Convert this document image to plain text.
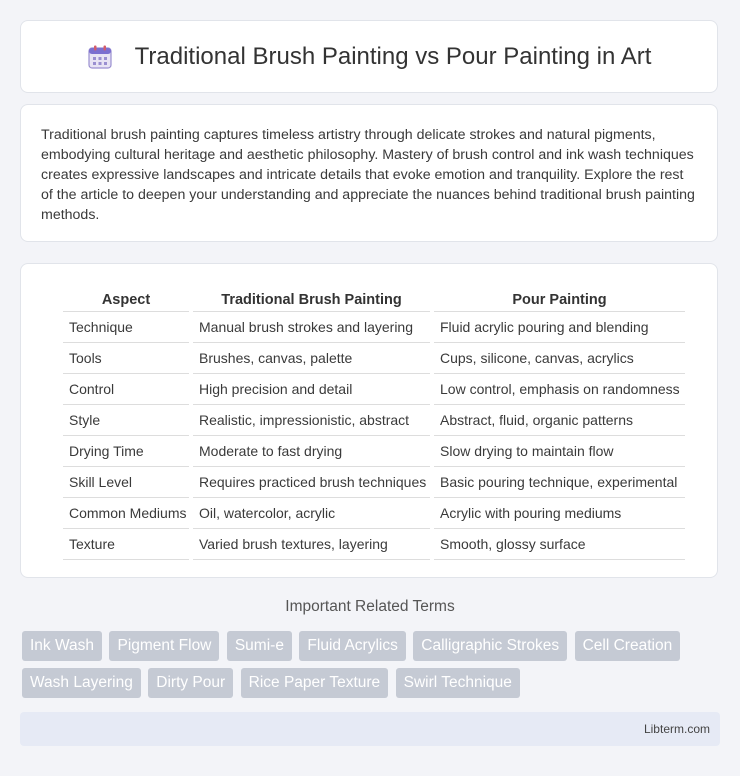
Traditional Brush Painting vs Pour Painting in Art

Traditional brush painting captures timeless artistry through delicate strokes and natural pigments, embodying cultural heritage and aesthetic philosophy. Mastery of brush control and ink wash techniques creates expressive landscapes and intricate details that evoke emotion and tranquility. Explore the rest of the article to deepen your understanding and appreciate the nuances behind traditional brush painting methods.

Aspect	Traditional Brush Painting	Pour Painting
Technique	Manual brush strokes and layering	Fluid acrylic pouring and blending
Tools	Brushes, canvas, palette	Cups, silicone, canvas, acrylics
Control	High precision and detail	Low control, emphasis on randomness
Style	Realistic, impressionistic, abstract	Abstract, fluid, organic patterns
Drying Time	Moderate to fast drying	Slow drying to maintain flow
Skill Level	Requires practiced brush techniques	Basic pouring technique, experimental
Common Mediums	Oil, watercolor, acrylic	Acrylic with pouring mediums
Texture	Varied brush textures, layering	Smooth, glossy surface
Important Related Terms
Ink Wash Pigment Flow Sumi-e Fluid Acrylics Calligraphic Strokes Cell Creation Wash Layering Dirty Pour Rice Paper Texture Swirl Technique
Libterm.com
